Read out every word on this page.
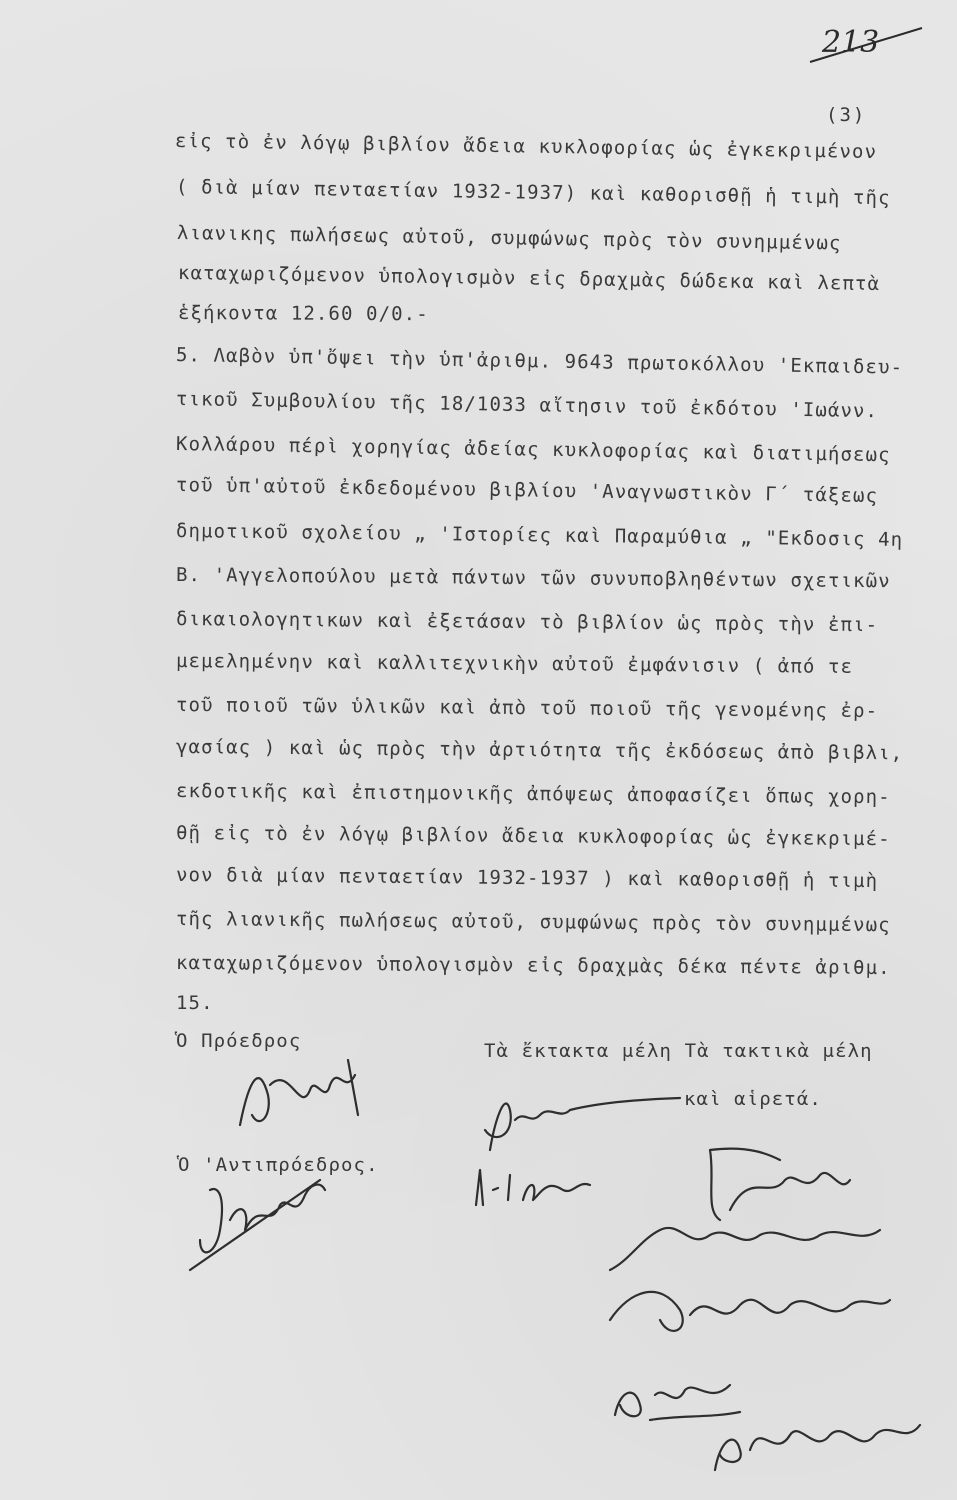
213
(3)
εἰς τὸ ἐν λόγῳ βιβλίον ἄδεια κυκλοφορίας ὡς ἐγκεκριμένον
( διὰ μίαν πενταετίαν 1932-1937) καὶ καθορισθῇ ἡ τιμὴ τῆς
λιανικης πωλήσεως αὐτοῦ, συμφώνως πρὸς τὸν συνημμένως
καταχωριζόμενον ὑπολογισμὸν εἰς δραχμὰς δώδεκα καὶ λεπτὰ
ἑξήκοντα 12.60 0/0.-
5. Λαβὸν ὑπ'ὄψει τὴν ὑπ'ἀριθμ. 9643 πρωτοκόλλου 'Εκπαιδευ-
τικοῦ Συμβουλίου τῆς 18/1033 αἴτησιν τοῦ ἐκδότου 'Ιωάνν.
Κολλάρου πέρὶ χορηγίας ἀδείας κυκλοφορίας καὶ διατιμήσεως
τοῦ ὑπ'αὐτοῦ ἐκδεδομένου βιβλίου 'Αναγνωστικὸν Γ΄ τάξεως
δημοτικοῦ σχολείου „ 'Ιστορίες καὶ Παραμύθια „ "Εκδοσις 4η
Β. 'Αγγελοπούλου μετὰ πάντων τῶν συνυποβληθέντων σχετικῶν
δικαιολογητικων καὶ ἐξετάσαν τὸ βιβλίον ὡς πρὸς τὴν ἐπι-
μεμελημένην καὶ καλλιτεχνικὴν αὐτοῦ ἐμφάνισιν ( ἀπό τε
τοῦ ποιοῦ τῶν ὑλικῶν καὶ ἀπὸ τοῦ ποιοῦ τῆς γενομένης ἐρ-
γασίας ) καὶ ὡς πρὸς τὴν ἀρτιότητα τῆς ἐκδόσεως ἀπὸ βιβλι,
εκδοτικῆς καὶ ἐπιστημονικῆς ἀπόψεως ἀποφασίζει ὅπως χορη-
θῇ εἰς τὸ ἐν λόγῳ βιβλίον ἄδεια κυκλοφορίας ὡς ἐγκεκριμέ-
νον διὰ μίαν πενταετίαν 1932-1937 ) καὶ καθορισθῇ ἡ τιμὴ
τῆς λιανικῆς πωλήσεως αὐτοῦ, συμφώνως πρὸς τὸν συνημμένως
καταχωριζόμενον ὑπολογισμὸν εἰς δραχμὰς δέκα πέντε ἀριθμ.
15.
Ὁ Πρόεδρος	Τὰ ἔκτακτα μέλη Τὰ τακτικὰ μέλη
καὶ αἱρετά.
Ὁ 'Αντιπρόεδρος.
